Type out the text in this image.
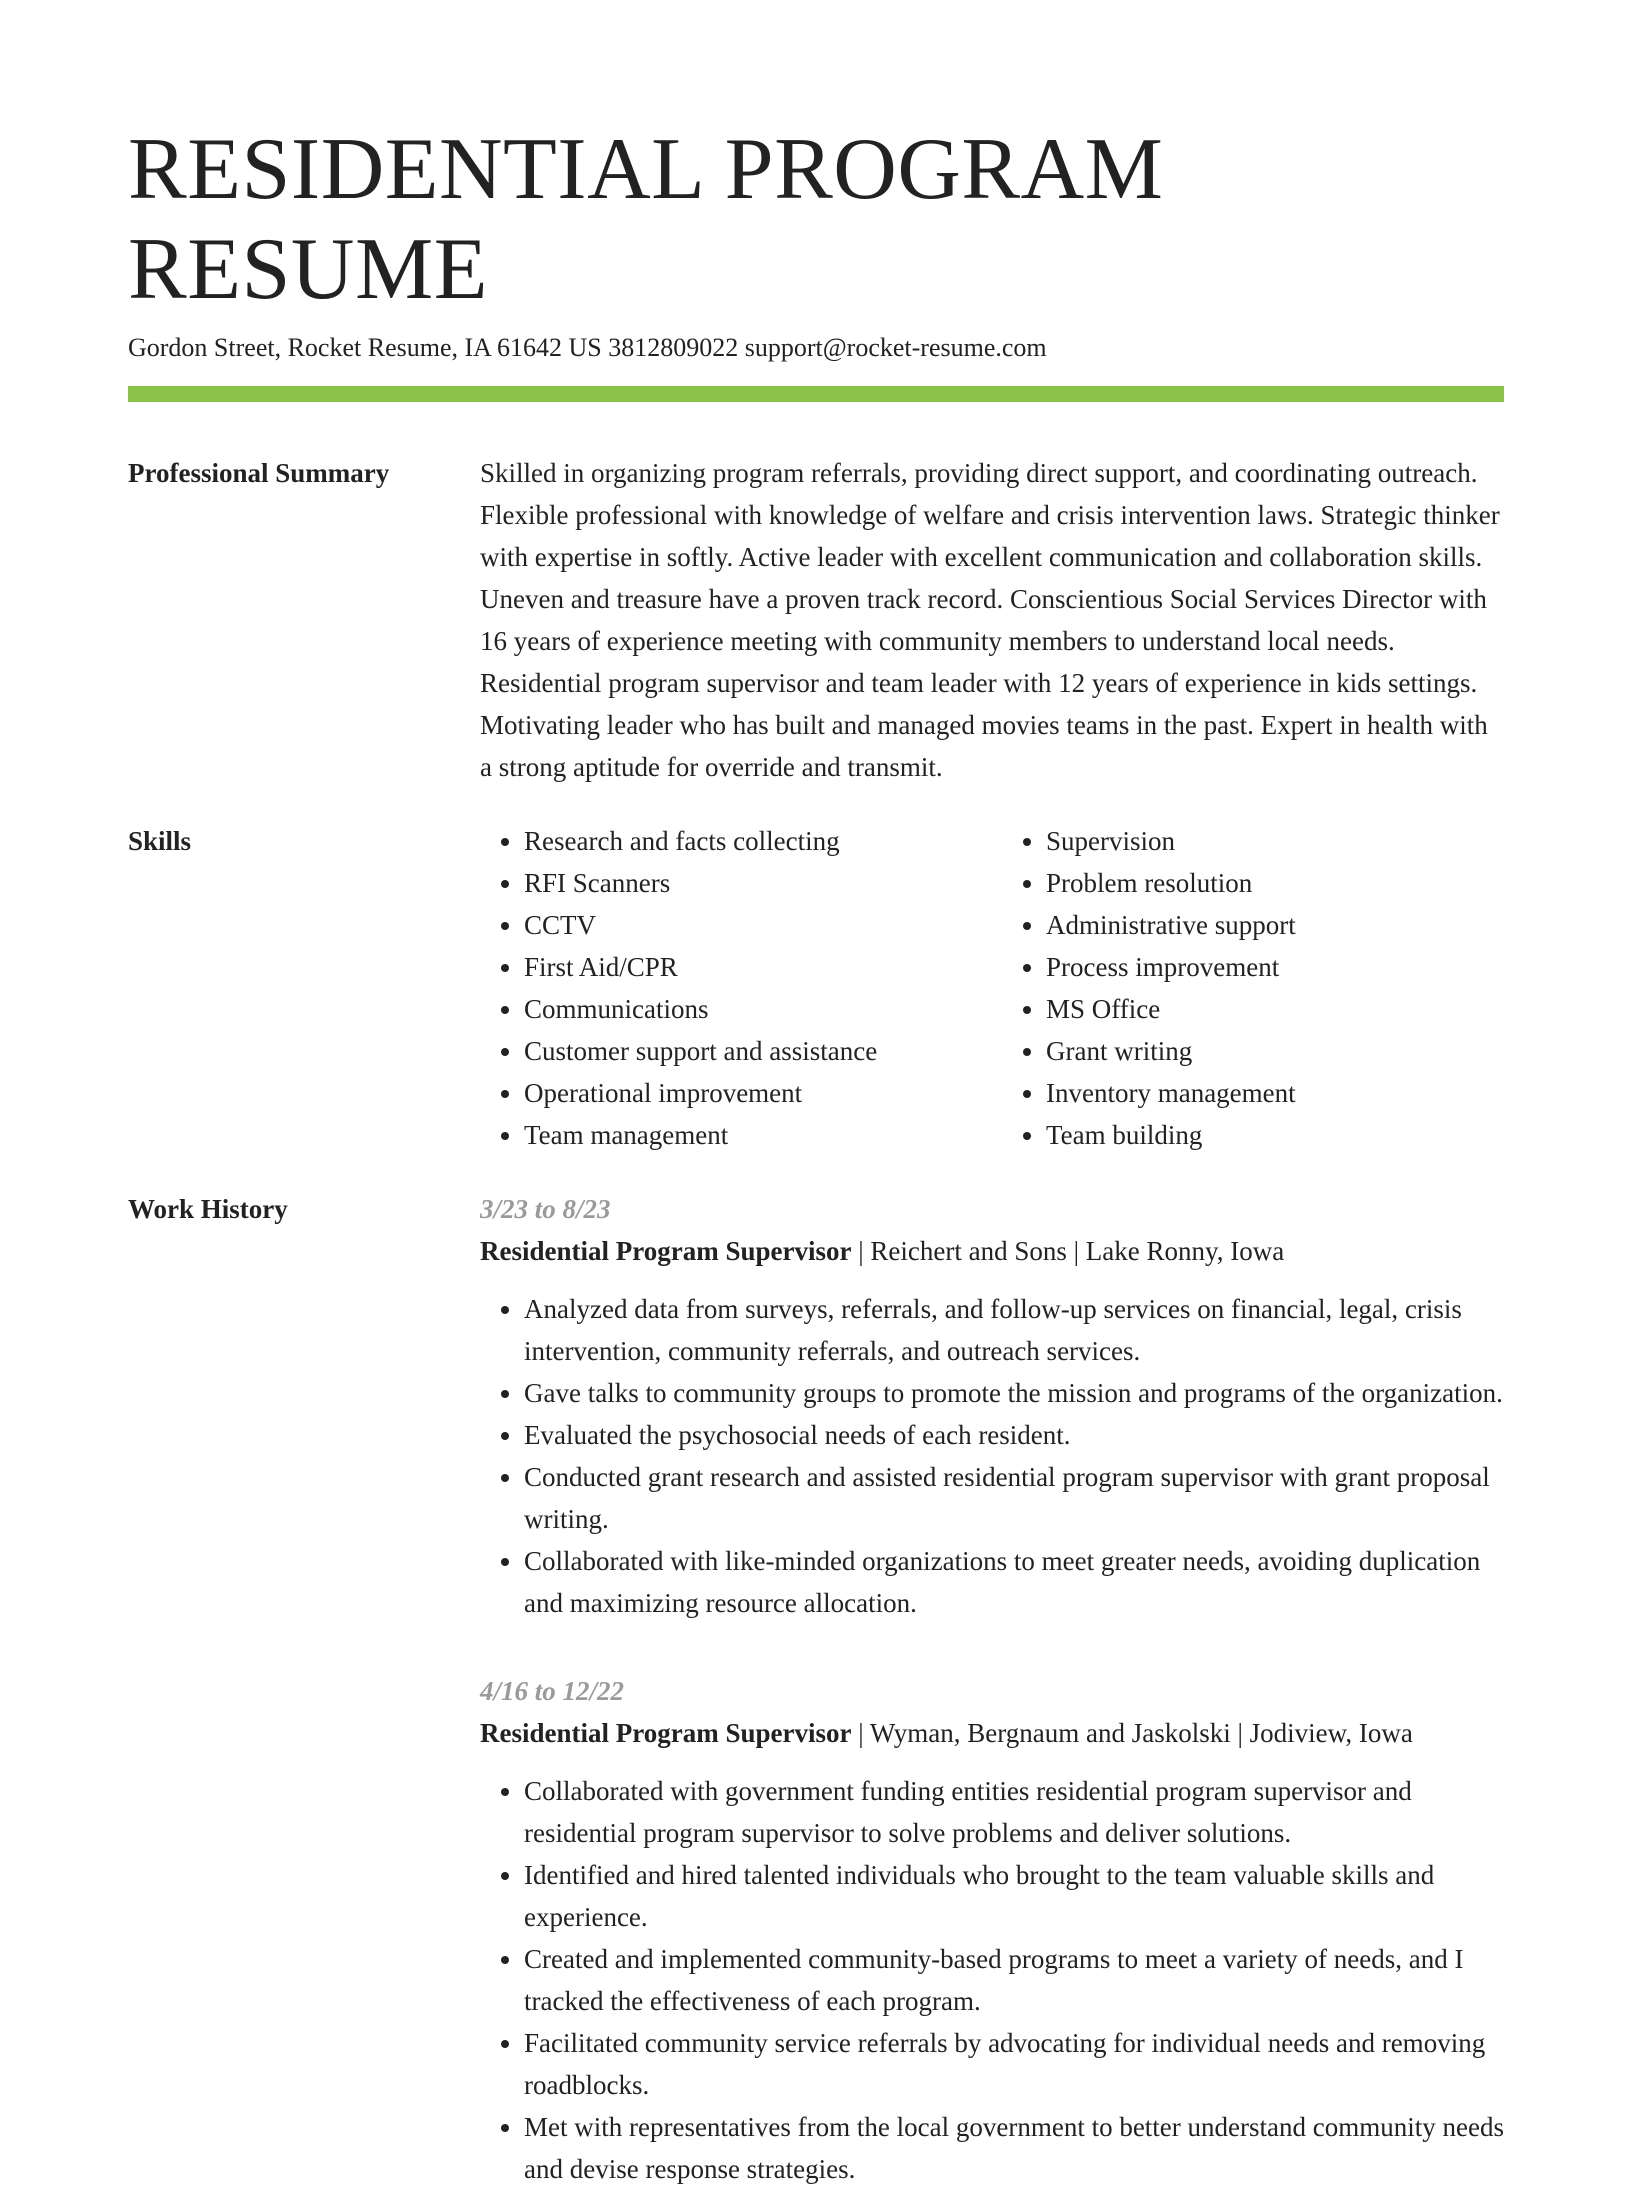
RESIDENTIAL PROGRAM RESUME
Gordon Street, Rocket Resume, IA 61642 US 3812809022 support@rocket-resume.com
Professional Summary	Skilled in organizing program referrals, providing direct support, and coordinating outreach. Flexible professional with knowledge of welfare and crisis intervention laws. Strategic thinker with expertise in softly. Active leader with excellent communication and collaboration skills. Uneven and treasure have a proven track record. Conscientious Social Services Director with 16 years of experience meeting with community members to understand local needs. Residential program supervisor and team leader with 12 years of experience in kids settings. Motivating leader who has built and managed movies teams in the past. Expert in health with a strong aptitude for override and transmit.

Skills
•	Research and facts collecting
• RFI Scanners
• CCTV
• First Aid/CPR
• Communications
• Customer support and assistance
• Operational improvement
• Team management
• Supervision
• Problem resolution
• Administrative support
• Process improvement
• MS Office
• Grant writing
• Inventory management
• Team building
Work History	3/23 to 8/23
Residential Program Supervisor | Reichert and Sons | Lake Ronny, Iowa
• Analyzed data from surveys, referrals, and follow-up services on financial, legal, crisis intervention, community referrals, and outreach services.
• Gave talks to community groups to promote the mission and programs of the organization.
• Evaluated the psychosocial needs of each resident.
• Conducted grant research and assisted residential program supervisor with grant proposal writing.
• Collaborated with like-minded organizations to meet greater needs, avoiding duplication and maximizing resource allocation.
4/16 to 12/22
Residential Program Supervisor | Wyman, Bergnaum and Jaskolski | Jodiview, Iowa
• Collaborated with government funding entities residential program supervisor and residential program supervisor to solve problems and deliver solutions.
• Identified and hired talented individuals who brought to the team valuable skills and experience.
• Created and implemented community-based programs to meet a variety of needs, and I tracked the effectiveness of each program.
• Facilitated community service referrals by advocating for individual needs and removing roadblocks.
• Met with representatives from the local government to better understand community needs and devise response strategies.
